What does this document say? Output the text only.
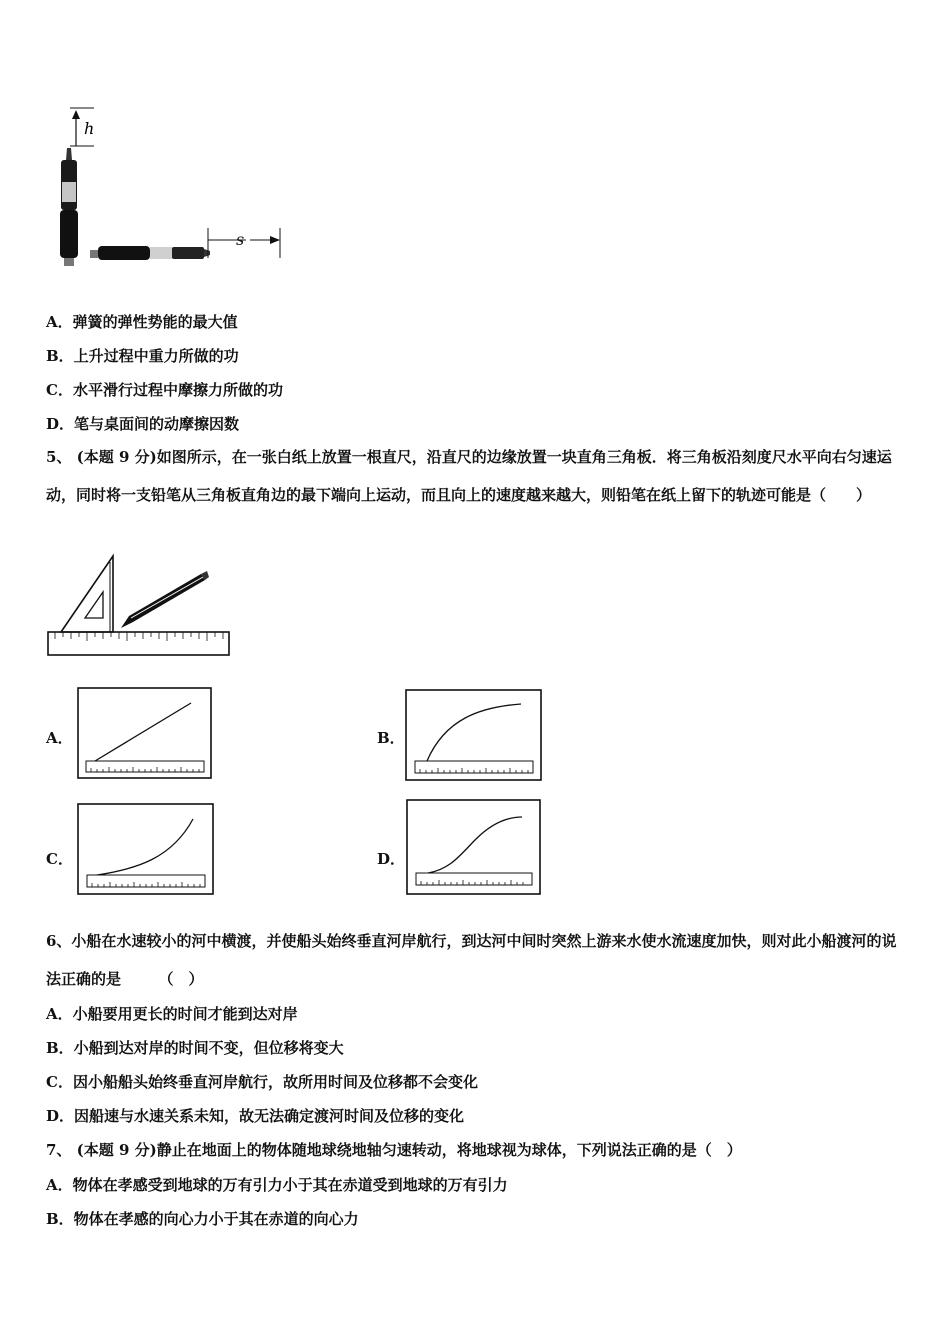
h
s
A．弹簧的弹性势能的最大值
B．上升过程中重力所做的功
C．水平滑行过程中摩擦力所做的功
D．笔与桌面间的动摩擦因数
5、 (本题 9 分)如图所示，在一张白纸上放置一根直尺，沿直尺的边缘放置一块直角三角板．将三角板沿刻度尺水平向右匀速运动，同时将一支铅笔从三角板直角边的最下端向上运动，而且向上的速度越来越大，则铅笔在纸上留下的轨迹可能是（　　）
A．	B．
C．	D．
6、小船在水速较小的河中横渡，并使船头始终垂直河岸航行，到达河中间时突然上游来水使水流速度加快，则对此小船渡河的说法正确的是　　　（　）
A．小船要用更长的时间才能到达对岸
B．小船到达对岸的时间不变，但位移将变大
C．因小船船头始终垂直河岸航行，故所用时间及位移都不会变化
D．因船速与水速关系未知，故无法确定渡河时间及位移的变化
7、 (本题 9 分)静止在地面上的物体随地球绕地轴匀速转动，将地球视为球体，下列说法正确的是（　）
A．物体在孝感受到地球的万有引力小于其在赤道受到地球的万有引力
B．物体在孝感的向心力小于其在赤道的向心力
